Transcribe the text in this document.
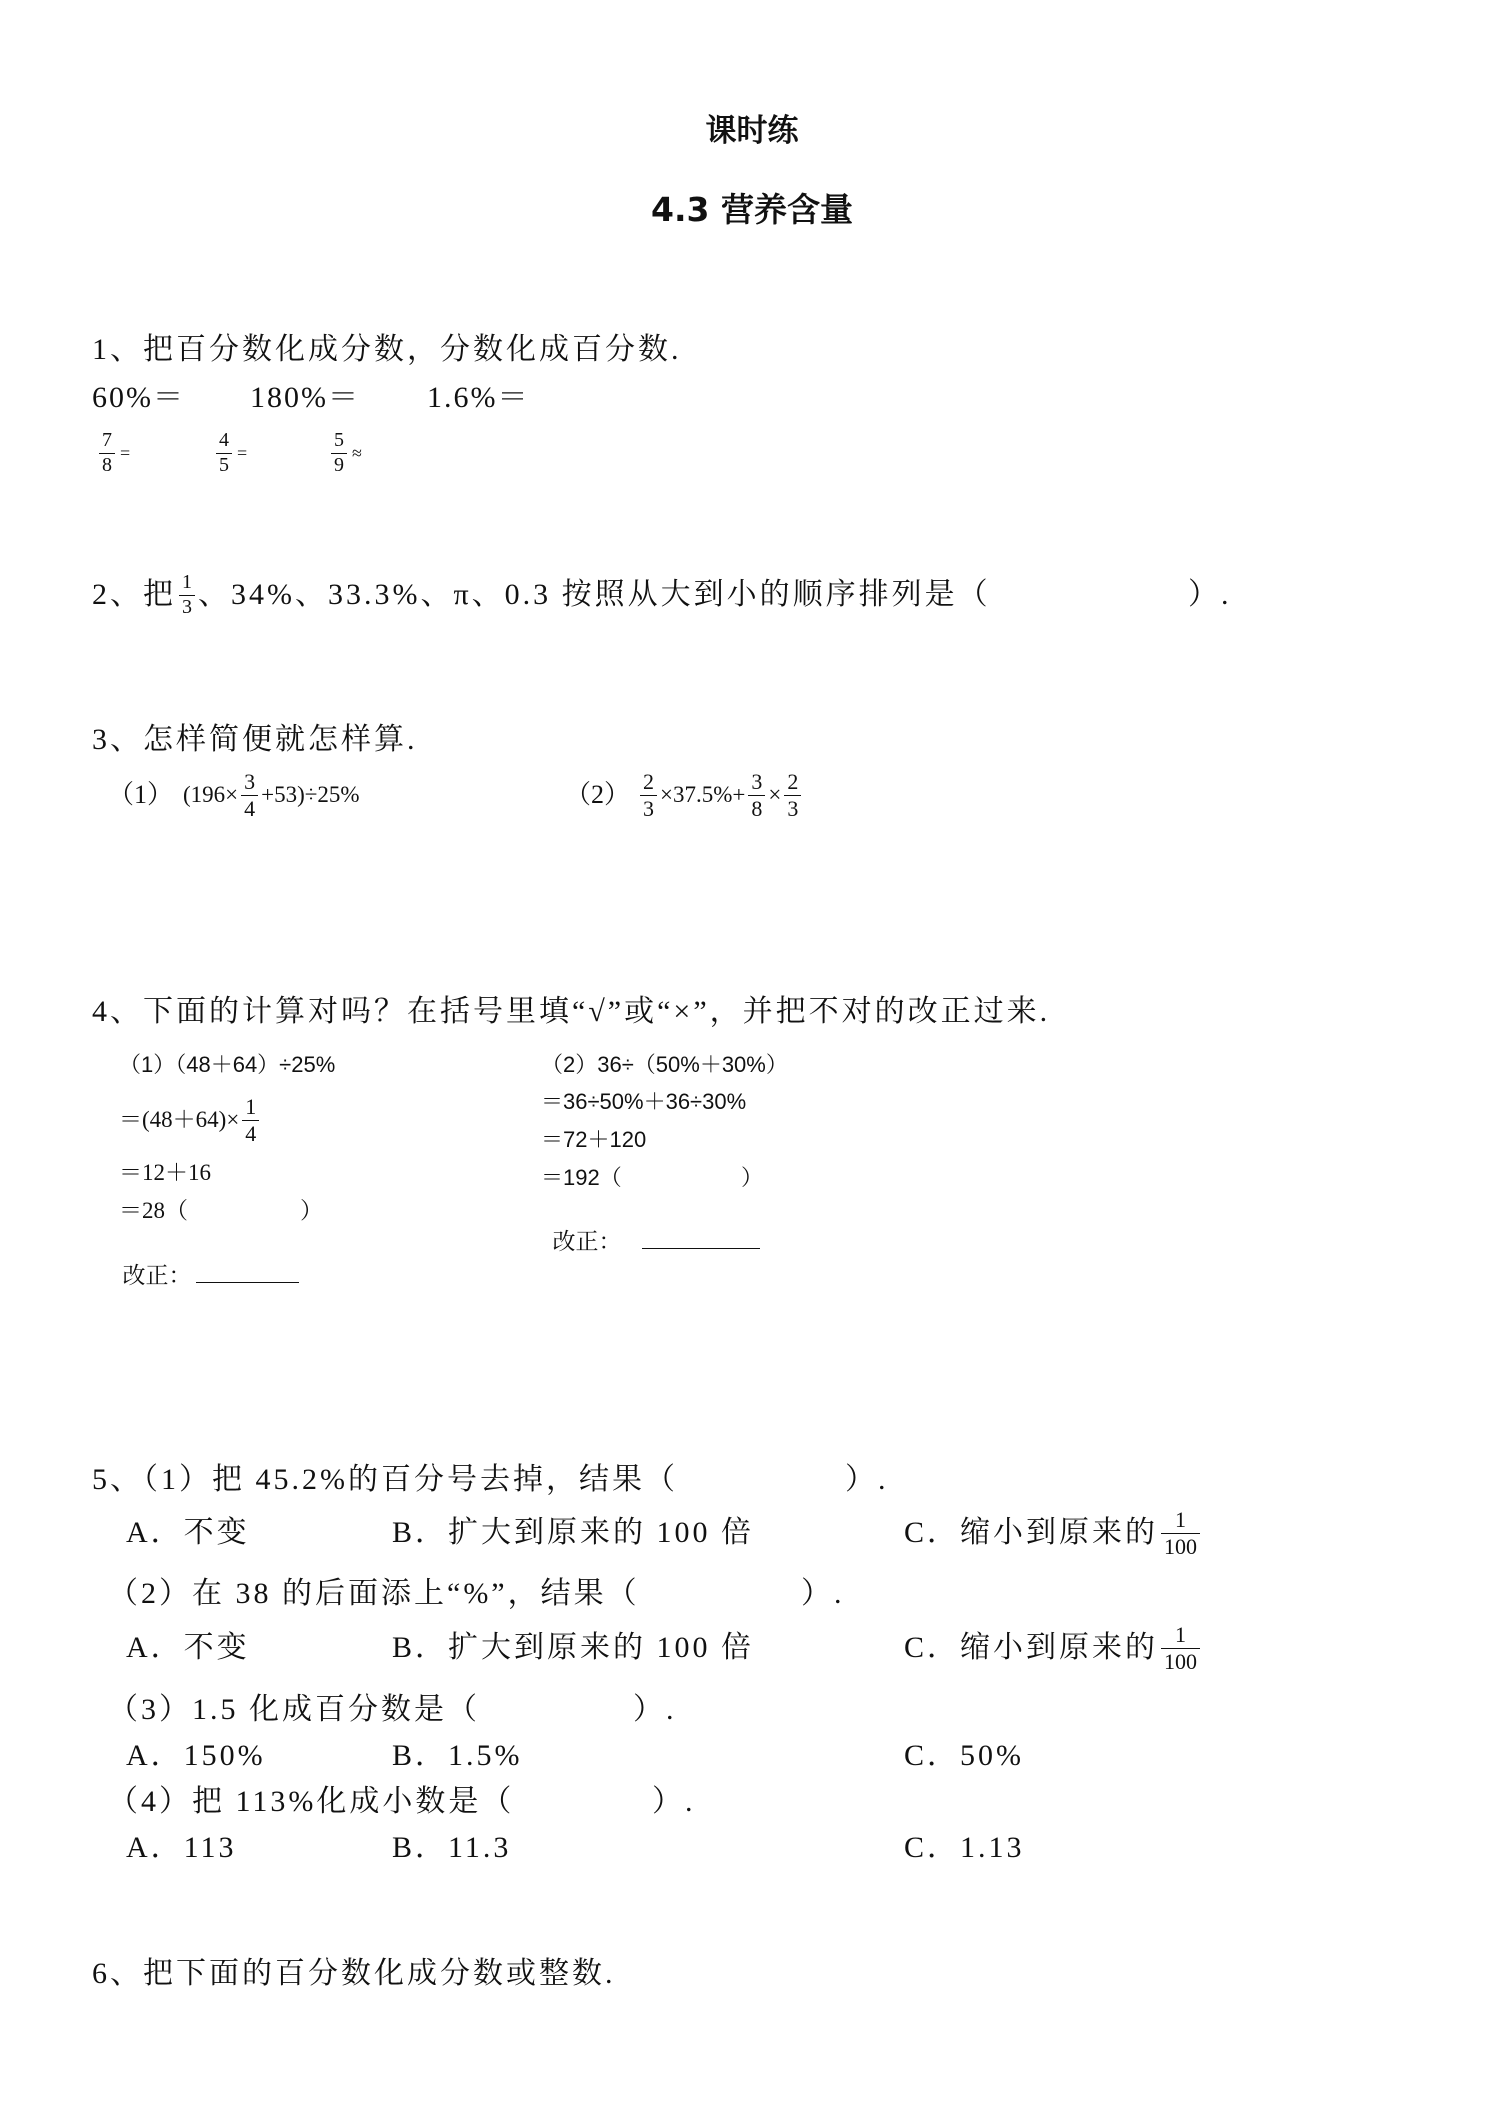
课时练
4.3 营养含量
1、把百分数化成分数，分数化成百分数.
60%＝ 180%＝ 1.6%＝
$\frac{7}{8}$ =	$\frac{4}{5}$ =	$\frac{5}{9}$ ≈
2、把 $\frac{1}{3}$ 、34%、33.3%、π、0.3 按照从大到小的顺序排列是（	）.
3、怎样简便就怎样算.
（1） $(196\times \frac{3}{4} +53)\div 25\%$	$(2) \frac{2}{3} \times 37.5\%+ \frac{3}{8} \times \frac{2}{3}$
4、下面的计算对吗？在括号里填“√”或“×”，并把不对的改正过来.
（1）（48＋64）÷25%
$=(48+64)\times \frac{1}{4}$
＝12＋16
＝28（	）

改正：

（2）36÷（50%＋30%）
＝36÷50%＋36÷30%
＝72＋120
＝192（	）

改正：

5、（1）把 45.2%的百分号去掉，结果（	）.
A．不变	B．扩大到原来的 100 倍	C．缩小到原来的 $\frac{1}{100}$
（2）在 38 的后面添上“%”，结果（	）.
A．不变	B．扩大到原来的 100 倍	C．缩小到原来的 $\frac{1}{100}$
（3）1.5 化成百分数是（	）.
A．150%	B．1.5%	C．50%
（4）把 113%化成小数是（	）.
A．113	B．11.3	C．1.13
6、把下面的百分数化成分数或整数.
